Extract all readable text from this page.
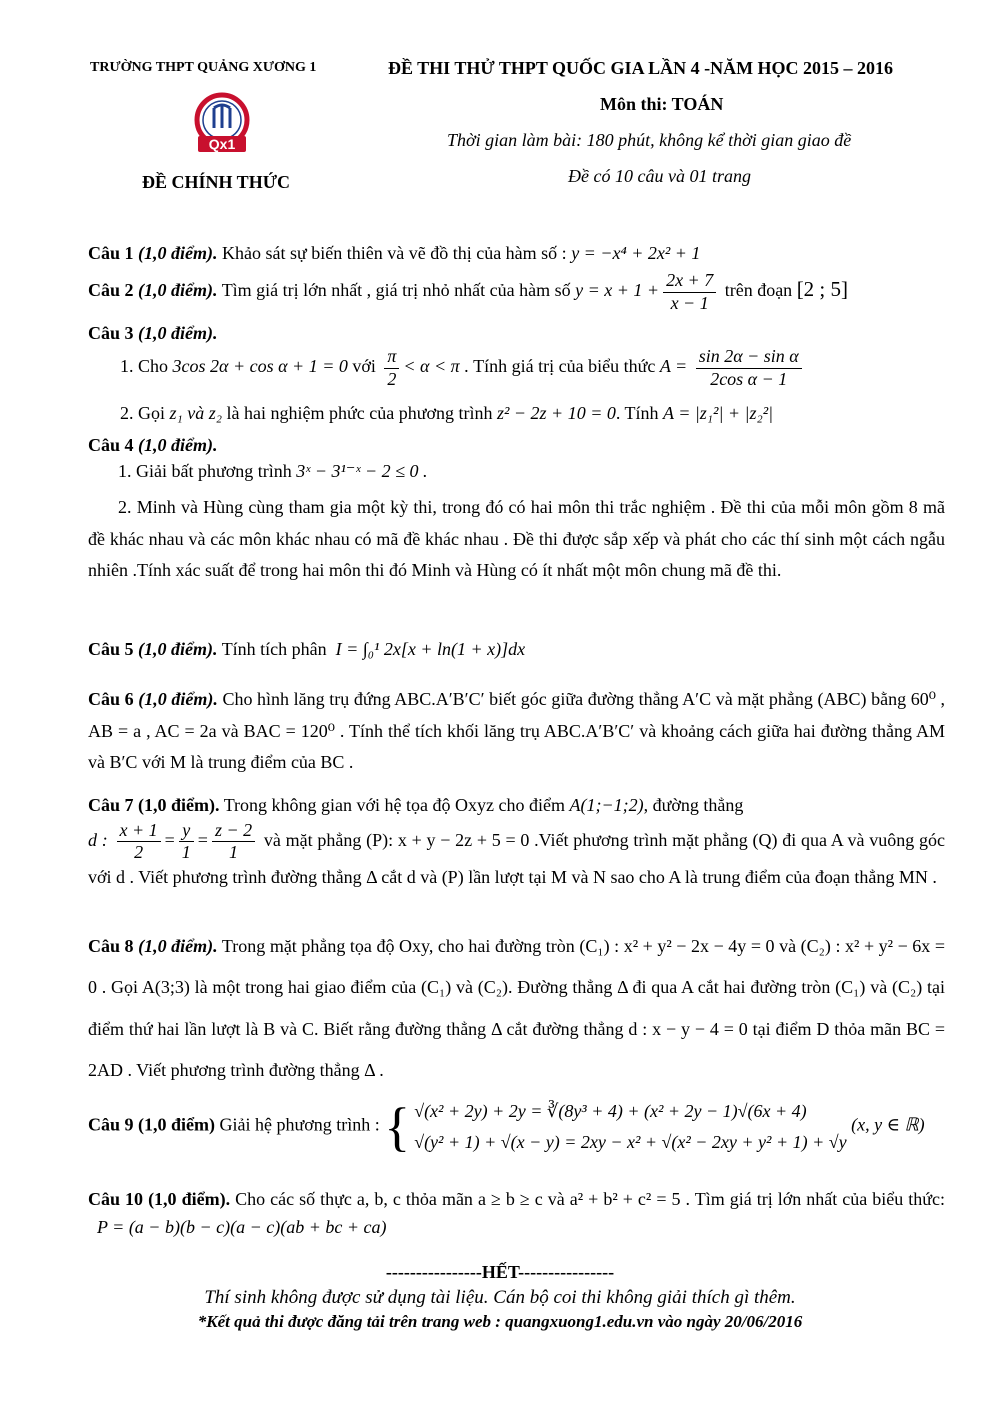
TRƯỜNG THPT QUẢNG XƯƠNG 1	ĐỀ THI THỬ THPT QUỐC GIA LẦN 4 -NĂM HỌC 2015 – 2016
Môn thi: TOÁN
Thời gian làm bài: 180 phút, không kể thời gian giao đề
Đề có 10 câu và 01 trang
ĐỀ CHÍNH THỨC
Qx1
Câu 1 (1,0 điểm). Khảo sát sự biến thiên và vẽ đồ thị của hàm số : y = −x⁴ + 2x² + 1
Câu 2 (1,0 điểm). Tìm giá trị lớn nhất , giá trị nhỏ nhất của hàm số $y = x + 1 + \frac{2x + 7}{x - 1}$ trên đoạn [2 ; 5]
Câu 3 (1,0 điểm).
1. Cho 3cos 2α + cos α + 1 = 0 với $\frac{\pi}{2} < \alpha < \pi$ . Tính giá trị của biểu thức $A = \frac{\text{sin 2α − sin α}}{\text{2cos α − 1}}$
2. Gọi z₁ và z₂ là hai nghiệm phức của phương trình z² − 2z + 10 = 0. Tính A = |z₁²| + |z₂²|
Câu 4 (1,0 điểm).
1. Giải bất phương trình 3ˣ − 3¹⁻ˣ − 2 ≤ 0 .
2. Minh và Hùng cùng tham gia một kỳ thi, trong đó có hai môn thi trắc nghiệm . Đề thi của mỗi môn gồm 8 mã đề khác nhau và các môn khác nhau có mã đề khác nhau . Đề thi được sắp xếp và phát cho các thí sinh một cách ngẫu nhiên .Tính xác suất để trong hai môn thi đó Minh và Hùng có ít nhất một môn chung mã đề thi.
Câu 5 (1,0 điểm). Tính tích phân I = ∫₀¹ 2x[x + ln(1 + x)]dx
Câu 6 (1,0 điểm). Cho hình lăng trụ đứng ABC.A′B′C′ biết góc giữa đường thẳng A′C và mặt phẳng (ABC) bằng 60⁰ , AB = a , AC = 2a và BAC = 120⁰ . Tính thể tích khối lăng trụ ABC.A′B′C′ và khoảng cách giữa hai đường thẳng AM và B′C với M là trung điểm của BC .
Câu 7 (1,0 điểm). Trong không gian với hệ tọa độ Oxyz cho điểm A(1;−1;2), đường thẳng
d : $\frac{x + 1}{2} = \frac{y}{1} = \frac{z - 2}{1}$ và mặt phẳng (P): x + y − 2z + 5 = 0 .Viết phương trình mặt phẳng (Q) đi qua A và vuông góc với d . Viết phương trình đường thẳng Δ cắt d và (P) lần lượt tại M và N sao cho A là trung điểm của đoạn thẳng MN .
Câu 8 (1,0 điểm). Trong mặt phẳng tọa độ Oxy, cho hai đường tròn (C₁) : x² + y² − 2x − 4y = 0 và (C₂) : x² + y² − 6x = 0 . Gọi A(3;3) là một trong hai giao điểm của (C₁) và (C₂). Đường thẳng Δ đi qua A cắt hai đường tròn (C₁) và (C₂) tại điểm thứ hai lần lượt là B và C. Biết rằng đường thẳng Δ cắt đường thẳng d : x − y − 4 = 0 tại điểm D thỏa mãn BC = 2AD . Viết phương trình đường thẳng Δ .
Câu 9 (1,0 điểm) Giải hệ phương trình : { √(x² + 2y) + 2y = ∛(8y³ + 4) + (x² + 2y − 1)√(6x + 4)
√(y² + 1) + √(x − y) = 2xy − x² + √(x² − 2xy + y² + 1) + √y (x, y ∈ ℝ)
Câu 10 (1,0 điểm). Cho các số thực a, b, c thỏa mãn a ≥ b ≥ c và a² + b² + c² = 5 . Tìm giá trị lớn nhất của biểu thức:   P = (a − b)(b − c)(a − c)(ab + bc + ca)
----------------HẾT----------------
Thí sinh không được sử dụng tài liệu. Cán bộ coi thi không giải thích gì thêm.
*Kết quả thi được đăng tải trên trang web : quangxuong1.edu.vn vào ngày 20/06/2016
